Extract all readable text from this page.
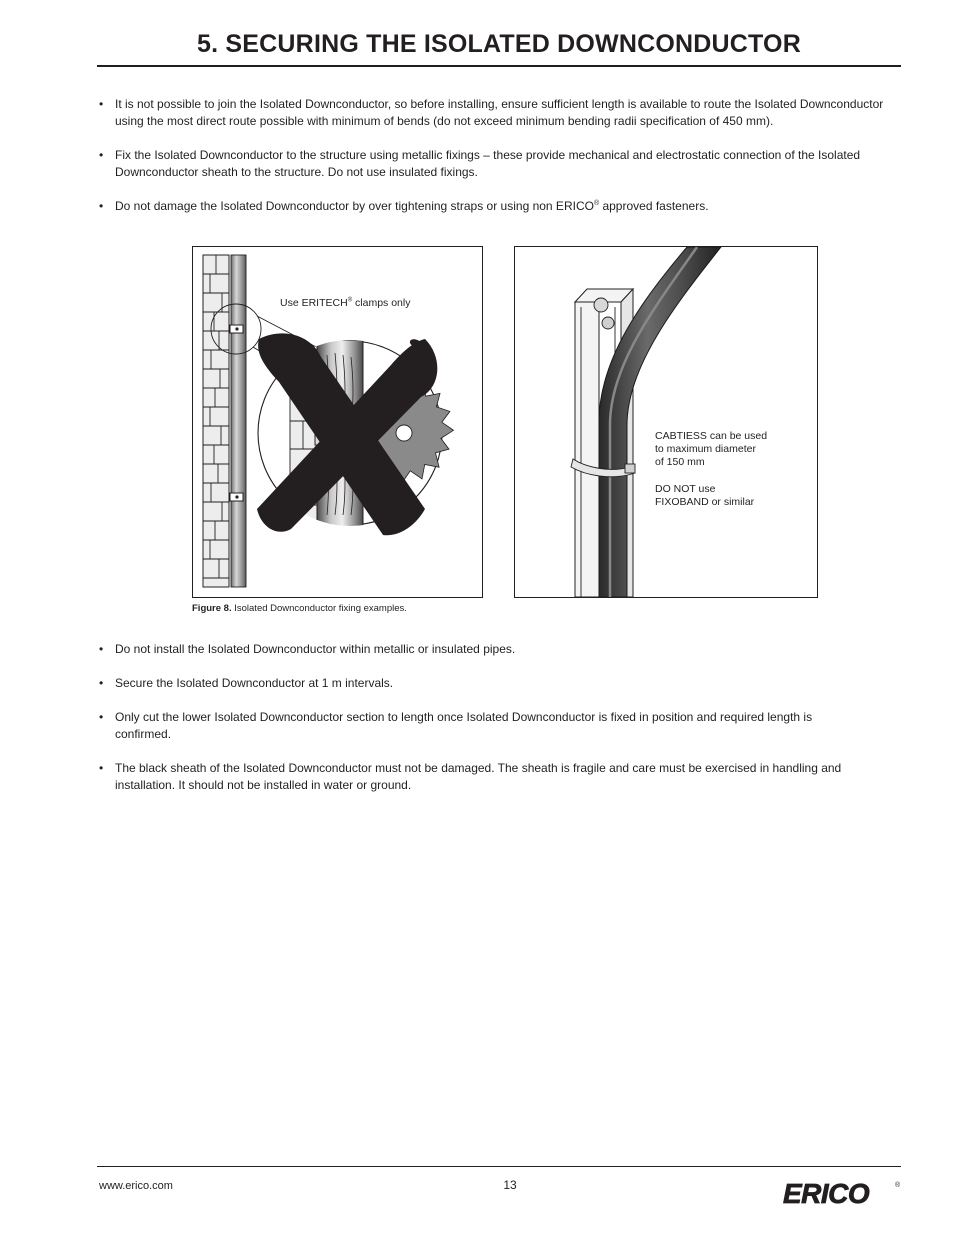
5. SECURING THE ISOLATED DOWNCONDUCTOR
• It is not possible to join the Isolated Downconductor, so before installing, ensure sufficient length is available to route the Isolated Downconductor using the most direct route possible with minimum of bends (do not exceed minimum bending radii specification of 450 mm).
• Fix the Isolated Downconductor to the structure using metallic fixings – these provide mechanical and electrostatic connection of the Isolated Downconductor sheath to the structure. Do not use insulated fixings.
• Do not damage the Isolated Downconductor by over tightening straps or using non ERICO® approved fasteners.

Use ERITECH® clamps only

CABTIESS can be used
to maximum diameter
of 150 mm

DO NOT use
FIXOBAND or similar

Figure 8. Isolated Downconductor fixing examples.
• Do not install the Isolated Downconductor within metallic or insulated pipes.
• Secure the Isolated Downconductor at 1 m intervals.
• Only cut the lower Isolated Downconductor section to length once Isolated Downconductor is fixed in position and required length is confirmed.
• The black sheath of the Isolated Downconductor must not be damaged. The sheath is fragile and care must be exercised in handling and installation. It should not be installed in water or ground.
www.erico.com	13	ERICO	®
